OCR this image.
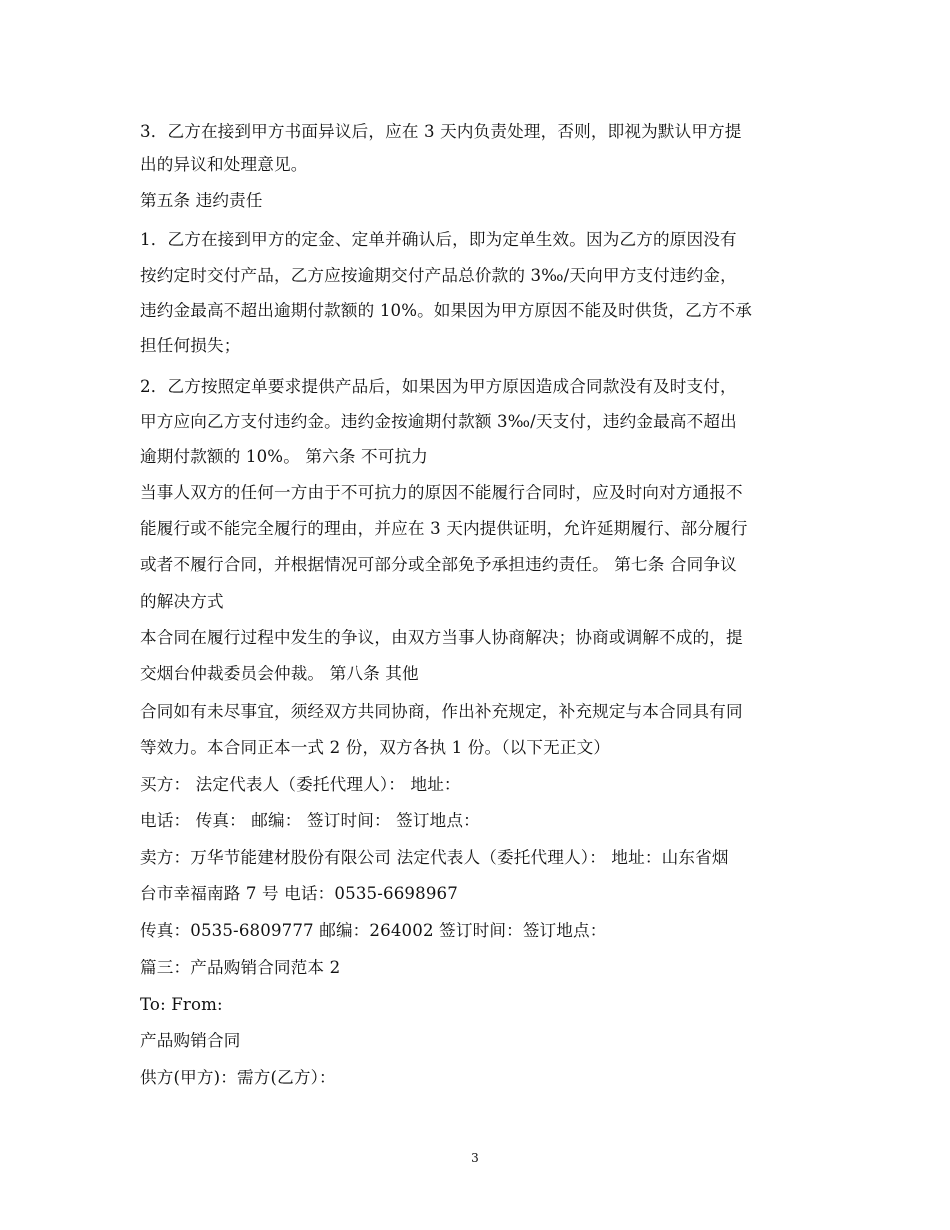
3．乙方在接到甲方书面异议后，应在 3 天内负责处理，否则，即视为默认甲方提
出的异议和处理意见。
第五条 违约责任
1．乙方在接到甲方的定金、定单并确认后，即为定单生效。因为乙方的原因没有
按约定时交付产品，乙方应按逾期交付产品总价款的 3‰/天向甲方支付违约金，
违约金最高不超出逾期付款额的 10%。如果因为甲方原因不能及时供货，乙方不承
担任何损失；
2．乙方按照定单要求提供产品后，如果因为甲方原因造成合同款没有及时支付，
甲方应向乙方支付违约金。违约金按逾期付款额 3‰/天支付，违约金最高不超出
逾期付款额的 10%。 第六条 不可抗力
当事人双方的任何一方由于不可抗力的原因不能履行合同时，应及时向对方通报不
能履行或不能完全履行的理由，并应在 3 天内提供证明，允许延期履行、部分履行
或者不履行合同，并根据情况可部分或全部免予承担违约责任。 第七条 合同争议
的解决方式
本合同在履行过程中发生的争议，由双方当事人协商解决；协商或调解不成的，提
交烟台仲裁委员会仲裁。 第八条 其他
合同如有未尽事宜，须经双方共同协商，作出补充规定，补充规定与本合同具有同
等效力。本合同正本一式 2 份，双方各执 1 份。（以下无正文）
买方： 法定代表人（委托代理人）： 地址：
电话： 传真： 邮编： 签订时间： 签订地点：
卖方：万华节能建材股份有限公司 法定代表人（委托代理人）： 地址：山东省烟
台市幸福南路 7 号 电话：0535-6698967
传真：0535-6809777 邮编：264002 签订时间：签订地点：
篇三：产品购销合同范本 2
To: From:
产品购销合同
供方(甲方)：需方(乙方）：
3
